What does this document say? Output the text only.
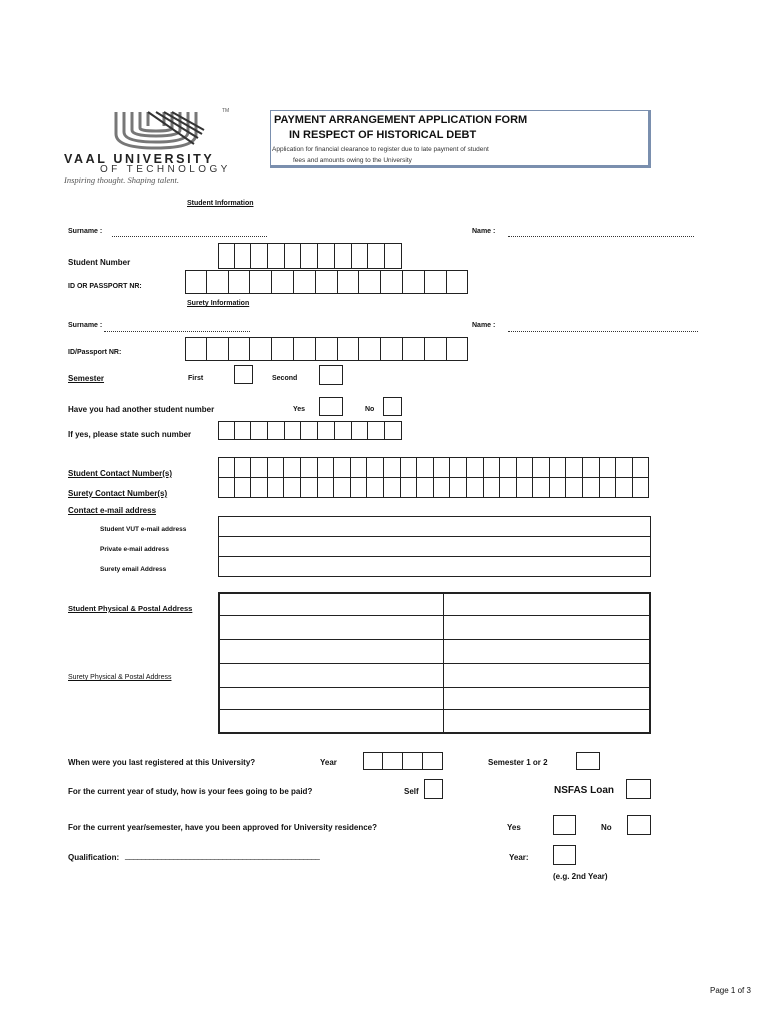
TM
VAAL UNIVERSITY
OF TECHNOLOGY
Inspiring thought. Shaping talent.
PAYMENT ARRANGEMENT APPLICATION FORM
IN RESPECT OF HISTORICAL DEBT
Application for financial clearance to register due to late payment of student
fees and amounts owing to the University
Student Information
Surname :	Name :
Student Number
ID OR PASSPORT NR:
Surety Information
Surname :	Name :
ID/Passport NR:
Semester	First	Second
Have you had another student number	Yes	No
If yes, please state such number
Student Contact Number(s)
Surety Contact Number(s)
Contact e-mail address
Student VUT e-mail address
Private e-mail address
Surety email Address
Student Physical & Postal Address
Surety Physical & Postal Address
When were you last registered at this University?	Year	Semester 1 or 2
For the current year of study, how is your fees going to be paid?	Self	NSFAS Loan
For the current year/semester, have you been approved for University residence?	Yes	No
Qualification: ________________________________________________	Year:
(e.g. 2nd Year)
Page 1 of 3
